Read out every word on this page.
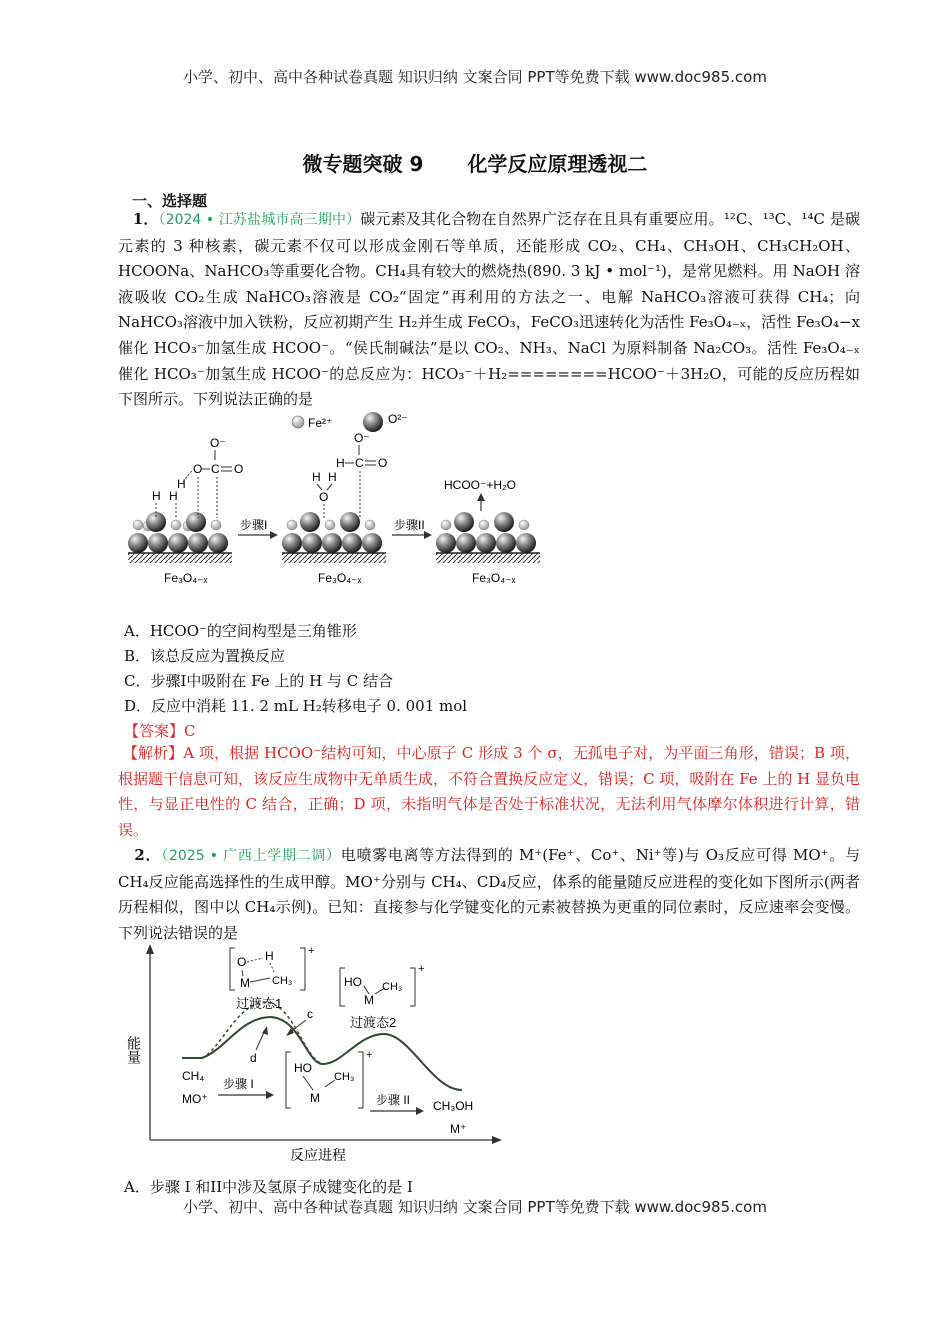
小学、初中、高中各种试卷真题 知识归纳 文案合同 PPT等免费下载 www.doc985.com
微专题突破 9 化学反应原理透视二
一、选择题
1．（2024 • 江苏盐城市高三期中）碳元素及其化合物在自然界广泛存在且具有重要应用。¹²C、¹³C、¹⁴C 是碳元素的 3 种核素，碳元素不仅可以形成金刚石等单质，还能形成 CO₂、CH₄、CH₃OH、CH₃CH₂OH、HCOONa、NaHCO₃等重要化合物。CH₄具有较大的燃烧热(890. 3 kJ • mol⁻¹)，是常见燃料。用 NaOH 溶液吸收 CO₂生成 NaHCO₃溶液是 CO₂“固定”再利用的方法之一、电解 NaHCO₃溶液可获得 CH₄；向 NaHCO₃溶液中加入铁粉，反应初期产生 H₂并生成 FeCO₃，FeCO₃迅速转化为活性 Fe₃O₄₋ₓ，活性 Fe₃O₄−x 催化 HCO₃⁻加氢生成 HCOO⁻。“侯氏制碱法”是以 CO₂、NH₃、NaCl 为原料制备 Na₂CO₃。活性 Fe₃O₄₋ₓ催化 HCO₃⁻加氢生成 HCOO⁻的总反应为：HCO₃⁻＋H₂========HCOO⁻＋3H₂O，可能的反应历程如下图所示。下列说法正确的是
Fe²⁺	O²⁻
Fe₃O₄₋ₓ
H H
H
O C
O⁻
O
步骤I
Fe₃O₄₋ₓ
H H
O
H C
O⁻
O
步骤II
Fe₃O₄₋ₓ
HCOO⁻+H₂O
A．HCOO⁻的空间构型是三角锥形
B．该总反应为置换反应
C．步骤I中吸附在 Fe 上的 H 与 C 结合
D．反应中消耗 11. 2 mL H₂转移电子 0. 001 mol
【答案】C
【解析】A 项，根据 HCOO⁻结构可知，中心原子 C 形成 3 个 σ，无孤电子对，为平面三角形，错误；B 项，根据题干信息可知，该反应生成物中无单质生成，不符合置换反应定义，错误；C 项，吸附在 Fe 上的 H 显负电性，与显正电性的 C 结合，正确；D 项，未指明气体是否处于标准状况，无法利用气体摩尔体积进行计算，错误。
2．（2025 • 广西上学期二调）电喷雾电离等方法得到的 M⁺(Fe⁺、Co⁺、Ni⁺等)与 O₃反应可得 MO⁺。与 CH₄反应能高选择性的生成甲醇。MO⁺分别与 CH₄、CD₄反应，体系的能量随反应进程的变化如下图所示(两者历程相似，图中以 CH₄示例)。已知：直接参与化学键变化的元素被替换为更重的同位素时，反应速率会变慢。下列说法错误的是
能量
反应进程
+
O H
M CH₃
过渡态1
c
d
+
HO CH₃
M
过渡态2
CH₄
MO⁺
步骤 I
+
HO
CH₃
M	步骤 II CH₃OH
M⁺
A．步骤 I 和II中涉及氢原子成键变化的是 I
小学、初中、高中各种试卷真题 知识归纳 文案合同 PPT等免费下载 www.doc985.com
